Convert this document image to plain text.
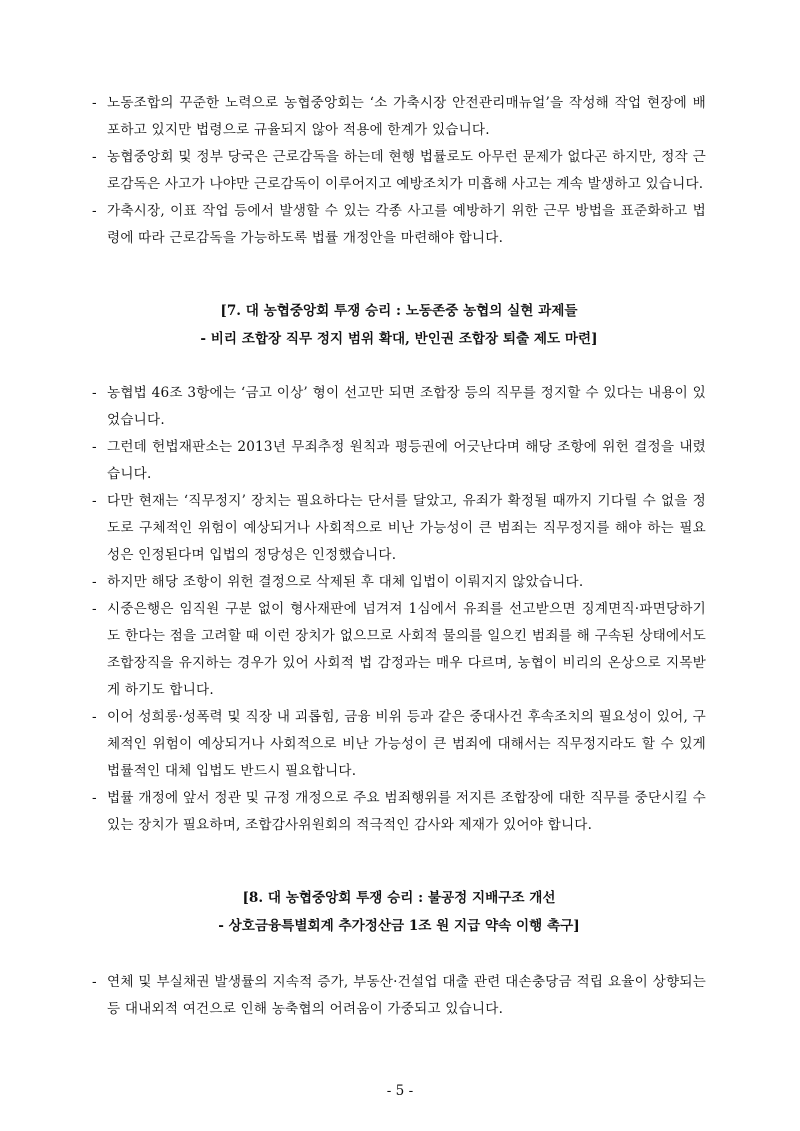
- 노동조합의 꾸준한 노력으로 농협중앙회는 ‘소 가축시장 안전관리매뉴얼’을 작성해 작업 현장에 배포하고 있지만 법령으로 규율되지 않아 적용에 한계가 있습니다.
- 농협중앙회 및 정부 당국은 근로감독을 하는데 현행 법률로도 아무런 문제가 없다곤 하지만, 정작 근로감독은 사고가 나야만 근로감독이 이루어지고 예방조치가 미흡해 사고는 계속 발생하고 있습니다.
- 가축시장, 이표 작업 등에서 발생할 수 있는 각종 사고를 예방하기 위한 근무 방법을 표준화하고 법령에 따라 근로감독을 가능하도록 법률 개정안을 마련해야 합니다.
[7. 대 농협중앙회 투쟁 승리 : 노동존중 농협의 실현 과제들
- 비리 조합장 직무 정지 범위 확대, 반인권 조합장 퇴출 제도 마련]
- 농협법 46조 3항에는 ‘금고 이상’ 형이 선고만 되면 조합장 등의 직무를 정지할 수 있다는 내용이 있었습니다.
- 그런데 헌법재판소는 2013년 무죄추정 원칙과 평등권에 어긋난다며 해당 조항에 위헌 결정을 내렸습니다.
- 다만 현재는 ‘직무정지’ 장치는 필요하다는 단서를 달았고, 유죄가 확정될 때까지 기다릴 수 없을 정도로 구체적인 위험이 예상되거나 사회적으로 비난 가능성이 큰 범죄는 직무정지를 해야 하는 필요성은 인정된다며 입법의 정당성은 인정했습니다.
- 하지만 해당 조항이 위헌 결정으로 삭제된 후 대체 입법이 이뤄지지 않았습니다.
- 시중은행은 임직원 구분 없이 형사재판에 넘겨져 1심에서 유죄를 선고받으면 징계면직·파면당하기도 한다는 점을 고려할 때 이런 장치가 없으므로 사회적 물의를 일으킨 범죄를 해 구속된 상태에서도 조합장직을 유지하는 경우가 있어 사회적 법 감정과는 매우 다르며, 농협이 비리의 온상으로 지목받게 하기도 합니다.
- 이어 성희롱·성폭력 및 직장 내 괴롭힘, 금융 비위 등과 같은 중대사건 후속조치의 필요성이 있어, 구체적인 위험이 예상되거나 사회적으로 비난 가능성이 큰 범죄에 대해서는 직무정지라도 할 수 있게 법률적인 대체 입법도 반드시 필요합니다.
- 법률 개정에 앞서 정관 및 규정 개정으로 주요 범죄행위를 저지른 조합장에 대한 직무를 중단시킬 수 있는 장치가 필요하며, 조합감사위원회의 적극적인 감사와 제재가 있어야 합니다.
[8. 대 농협중앙회 투쟁 승리 : 불공정 지배구조 개선
- 상호금융특별회계 추가정산금 1조 원 지급 약속 이행 촉구]
- 연체 및 부실채권 발생률의 지속적 증가, 부동산·건설업 대출 관련 대손충당금 적립 요율이 상향되는 등 대내외적 여건으로 인해 농축협의 어려움이 가중되고 있습니다.
- 5 -
